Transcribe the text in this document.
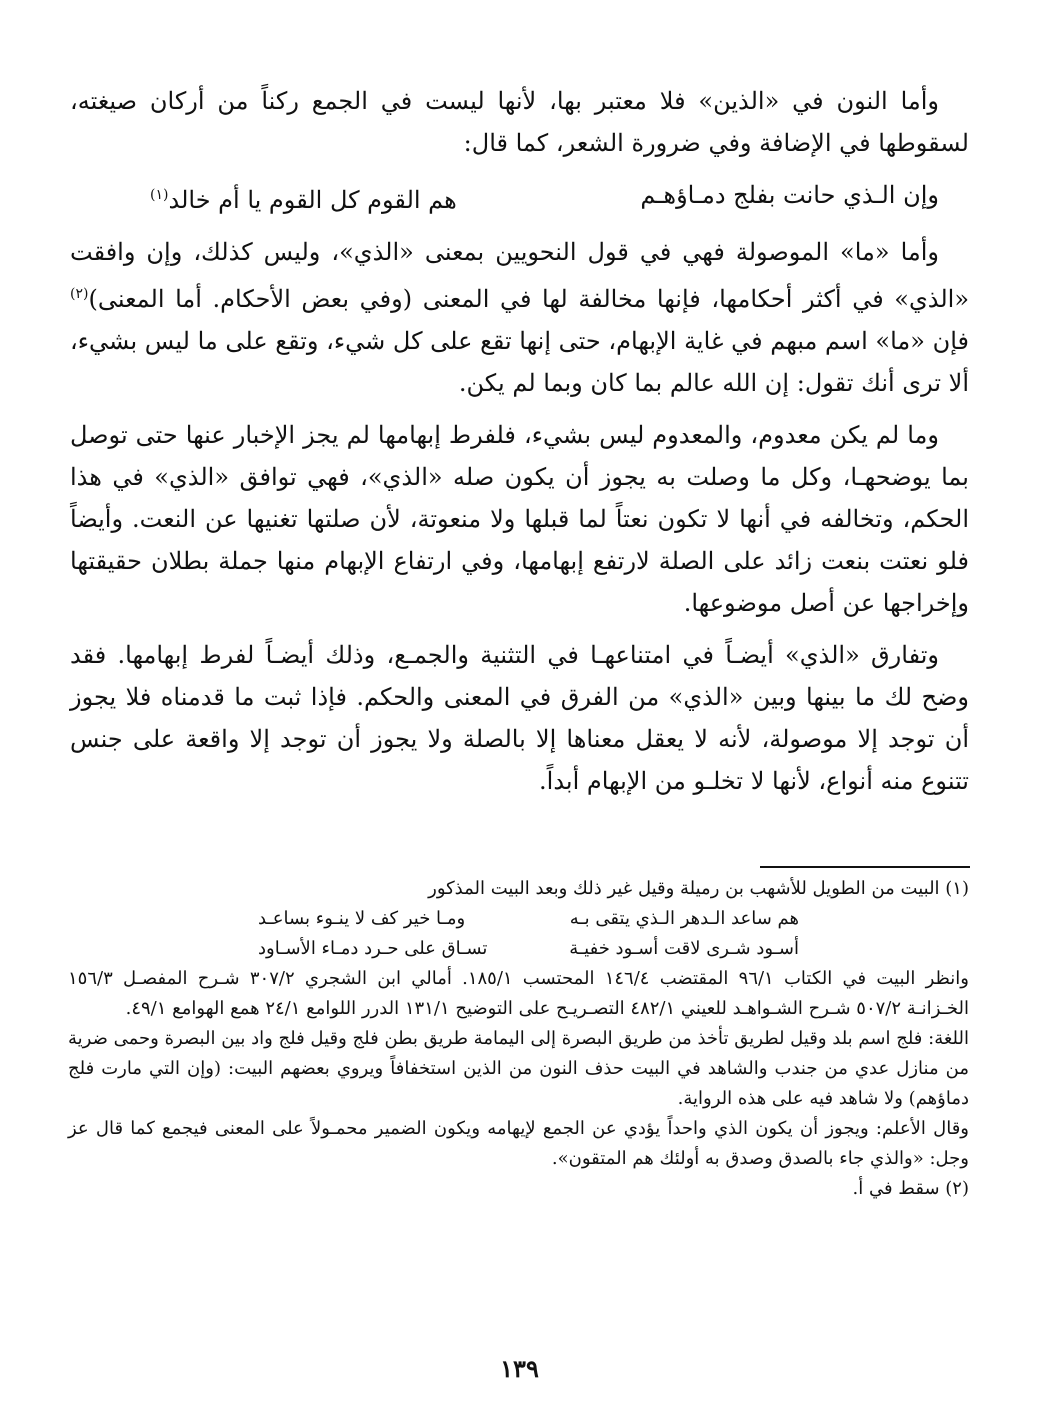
وأما النون في «الذين» فلا معتبر بها، لأنها ليست في الجمع ركناً من أركان صيغته، لسقوطها في الإضافة وفي ضرورة الشعر، كما قال:

وإن الـذي حانت بفلج دمـاؤهـم
هم القوم كل القوم يا أم خالد$^{(١)}$

وأما «ما» الموصولة فهي في قول النحويين بمعنى «الذي»، وليس كذلك، وإن وافقت «الذي» في أكثر أحكامها، فإنها مخالفة لها في المعنى (وفي بعض الأحكام. أما المعنى)$^{(٢)}$ فإن «ما» اسم مبهم في غاية الإبهام، حتى إنها تقع على كل شيء، وتقع على ما ليس بشيء، ألا ترى أنك تقول: إن الله عالم بما كان وبما لم يكن.

وما لم يكن معدوم، والمعدوم ليس بشيء، فلفرط إبهامها لم يجز الإخبار عنها حتى توصل بما يوضحهـا، وكل ما وصلت به يجوز أن يكون صله «الذي»، فهي توافق «الذي» في هذا الحكم، وتخالفه في أنها لا تكون نعتاً لما قبلها ولا منعوتة، لأن صلتها تغنيها عن النعت. وأيضاً فلو نعتت بنعت زائد على الصلة لارتفع إبهامها، وفي ارتفاع الإبهام منها جملة بطلان حقيقتها وإخراجها عن أصل موضوعها.

وتفارق «الذي» أيضـاً في امتناعهـا في التثنية والجمـع، وذلك أيضـاً لفرط إبهامها. فقد وضح لك ما بينها وبين «الذي» من الفرق في المعنى والحكم. فإذا ثبت ما قدمناه فلا يجوز أن توجد إلا موصولة، لأنه لا يعقل معناها إلا بالصلة ولا يجوز أن توجد إلا واقعة على جنس تتنوع منه أنواع، لأنها لا تخلـو من الإبهام أبداً.

(١) البيت من الطويل للأشهب بن رميلة وقيل غير ذلك وبعد البيت المذكور

هم ساعد الـدهر الـذي يتقى بـه
ومـا خير كف لا ينـوء بساعـد
أسـود شـرى لاقت أسـود خفيـة
تسـاق على حـرد دمـاء الأسـاود

وانظر البيت في الكتاب ٩٦/١ المقتضب ١٤٦/٤ المحتسب ١٨٥/١. أمالي ابن الشجري ٣٠٧/٢ شـرح المفصـل ١٥٦/٣ الخـزانـة ٥٠٧/٢ شـرح الشـواهـد للعيني ٤٨٢/١ التصـريـح على التوضيح ١٣١/١ الدرر اللوامع ٢٤/١ همع الهوامع ٤٩/١.

اللغة: فلج اسم بلد وقيل لطريق تأخذ من طريق البصرة إلى اليمامة طريق بطن فلج وقيل فلج واد بين البصرة وحمى ضرية من منازل عدي من جندب والشاهد في البيت حذف النون من الذين استخفافاً ويروي بعضهم البيت: (وإن التي مارت فلج دماؤهم) ولا شاهد فيه على هذه الرواية.

وقال الأعلم: ويجوز أن يكون الذي واحداً يؤدي عن الجمع لإيهامه ويكون الضمير محمـولاً على المعنى فيجمع كما قال عز وجل: «والذي جاء بالصدق وصدق به أولئك هم المتقون».

(٢) سقط في أ.

١٣٩
